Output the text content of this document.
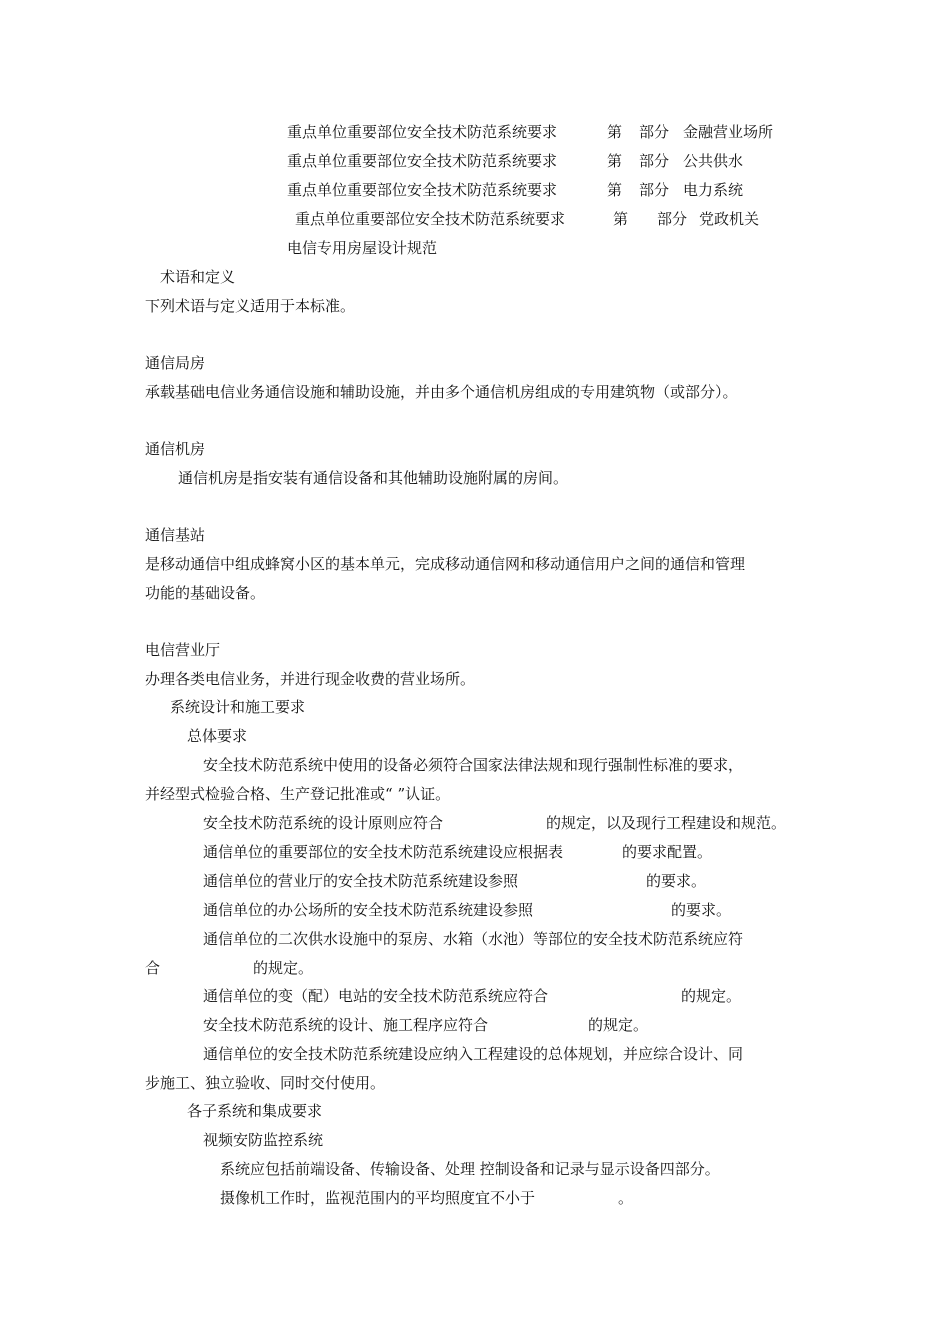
重点单位重要部位安全技术防范系统要求	第 部分 金融营业场所
重点单位重要部位安全技术防范系统要求	第 部分 公共供水
重点单位重要部位安全技术防范系统要求	第 部分 电力系统
重点单位重要部位安全技术防范系统要求	第 部分 党政机关
电信专用房屋设计规范
术语和定义
下列术语与定义适用于本标准。
通信局房
承载基础电信业务通信设施和辅助设施，并由多个通信机房组成的专用建筑物（或部分）。
通信机房
通信机房是指安装有通信设备和其他辅助设施附属的房间。
通信基站
是移动通信中组成蜂窝小区的基本单元，完成移动通信网和移动通信用户之间的通信和管理
功能的基础设备。
电信营业厅
办理各类电信业务，并进行现金收费的营业场所。
系统设计和施工要求
总体要求
安全技术防范系统中使用的设备必须符合国家法律法规和现行强制性标准的要求，
并经型式检验合格、生产登记批准或“ ”认证。
安全技术防范系统的设计原则应符合	的规定，以及现行工程建设和规范。
通信单位的重要部位的安全技术防范系统建设应根据表	的要求配置。
通信单位的营业厅的安全技术防范系统建设参照	的要求。
通信单位的办公场所的安全技术防范系统建设参照	的要求。
通信单位的二次供水设施中的泵房、水箱（水池）等部位的安全技术防范系统应符
合	的规定。
通信单位的变（配）电站的安全技术防范系统应符合	的规定。
安全技术防范系统的设计、施工程序应符合	的规定。
通信单位的安全技术防范系统建设应纳入工程建设的总体规划，并应综合设计、同
步施工、独立验收、同时交付使用。
各子系统和集成要求
视频安防监控系统
系统应包括前端设备、传输设备、处理 控制设备和记录与显示设备四部分。
摄像机工作时，监视范围内的平均照度宜不小于	。
